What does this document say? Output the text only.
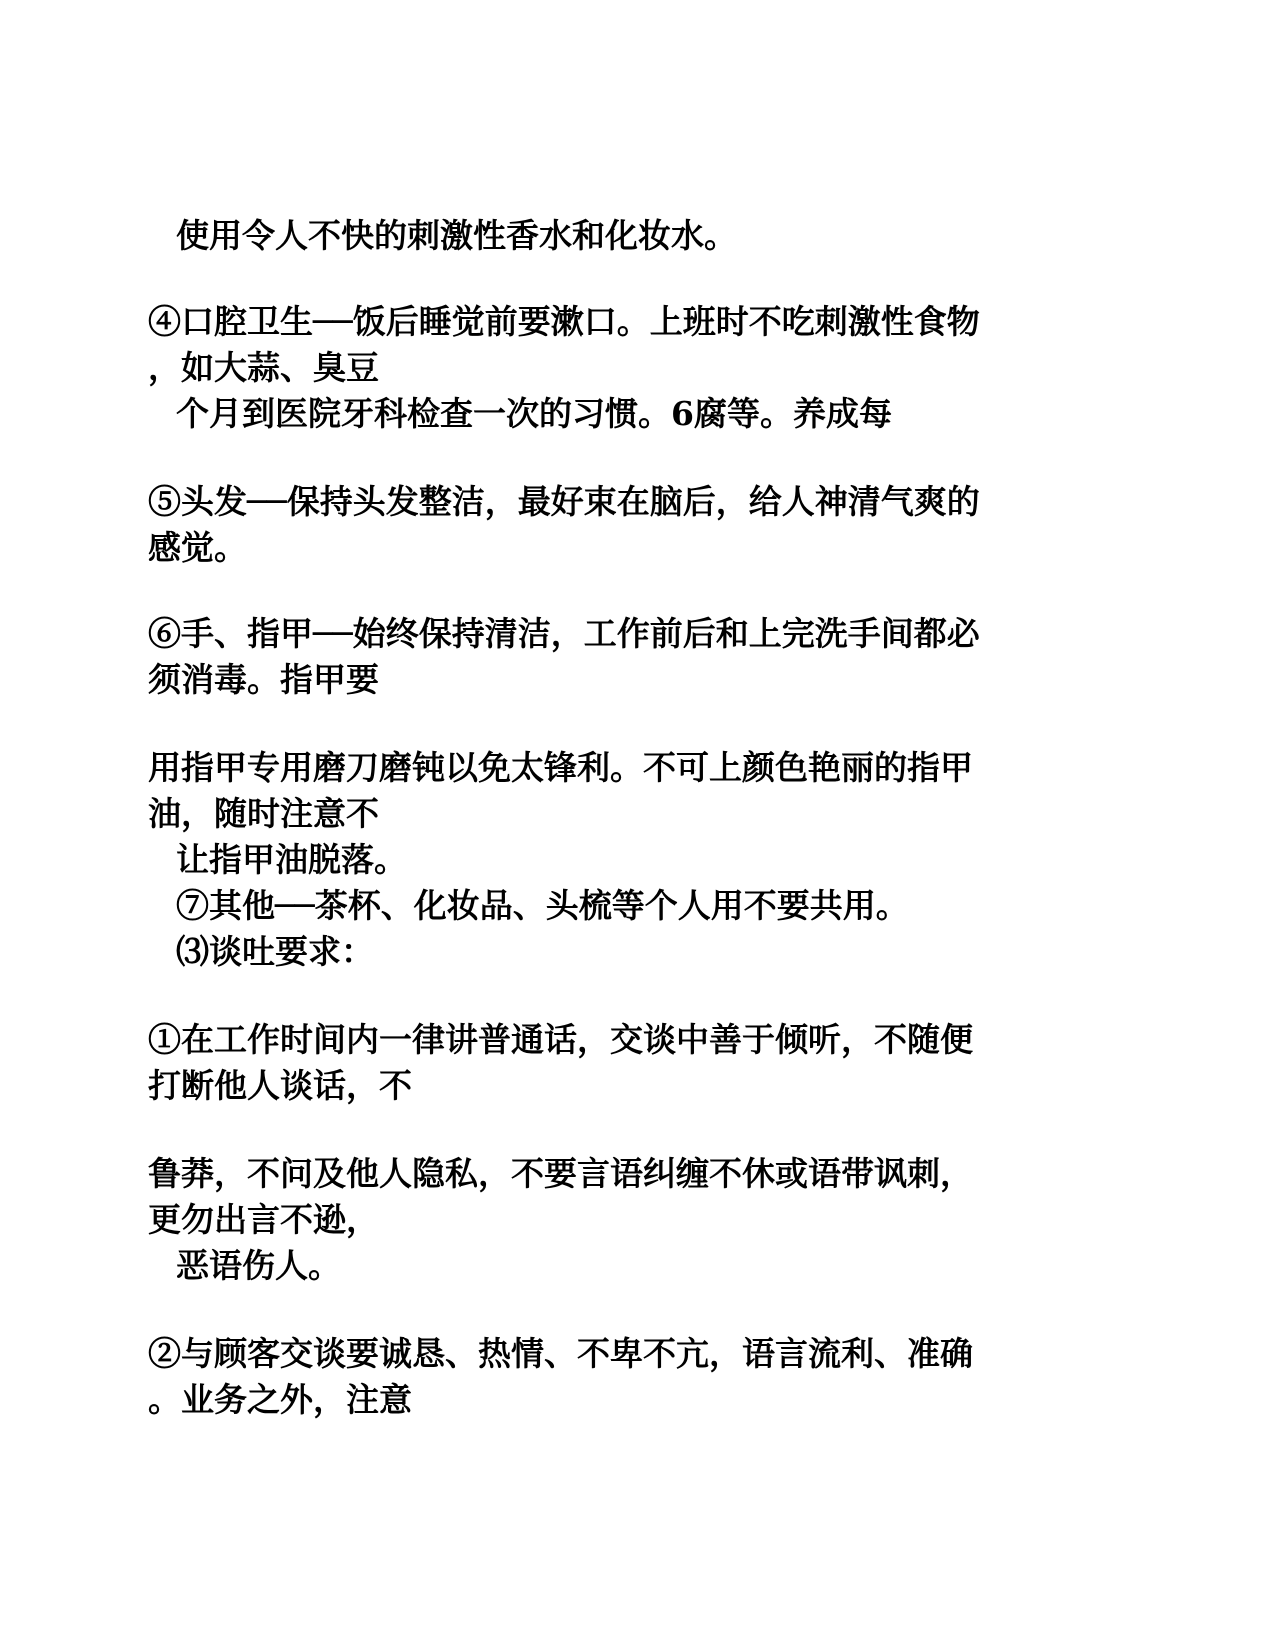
使用令人不快的刺激性香水和化妆水。
④口腔卫生──饭后睡觉前要漱口。上班时不吃刺激性食物
，如大蒜、臭豆
个月到医院牙科检查一次的习惯。6腐等。养成每
⑤头发──保持头发整洁，最好束在脑后，给人神清气爽的
感觉。
⑥手、指甲──始终保持清洁，工作前后和上完洗手间都必
须消毒。指甲要
用指甲专用磨刀磨钝以免太锋利。不可上颜色艳丽的指甲
油，随时注意不
让指甲油脱落。
⑦其他──茶杯、化妆品、头梳等个人用不要共用。
⑶谈吐要求：
①在工作时间内一律讲普通话，交谈中善于倾听，不随便
打断他人谈话，不
鲁莽，不问及他人隐私，不要言语纠缠不休或语带讽刺，
更勿出言不逊，
恶语伤人。
②与顾客交谈要诚恳、热情、不卑不亢，语言流利、准确
。业务之外，注意
